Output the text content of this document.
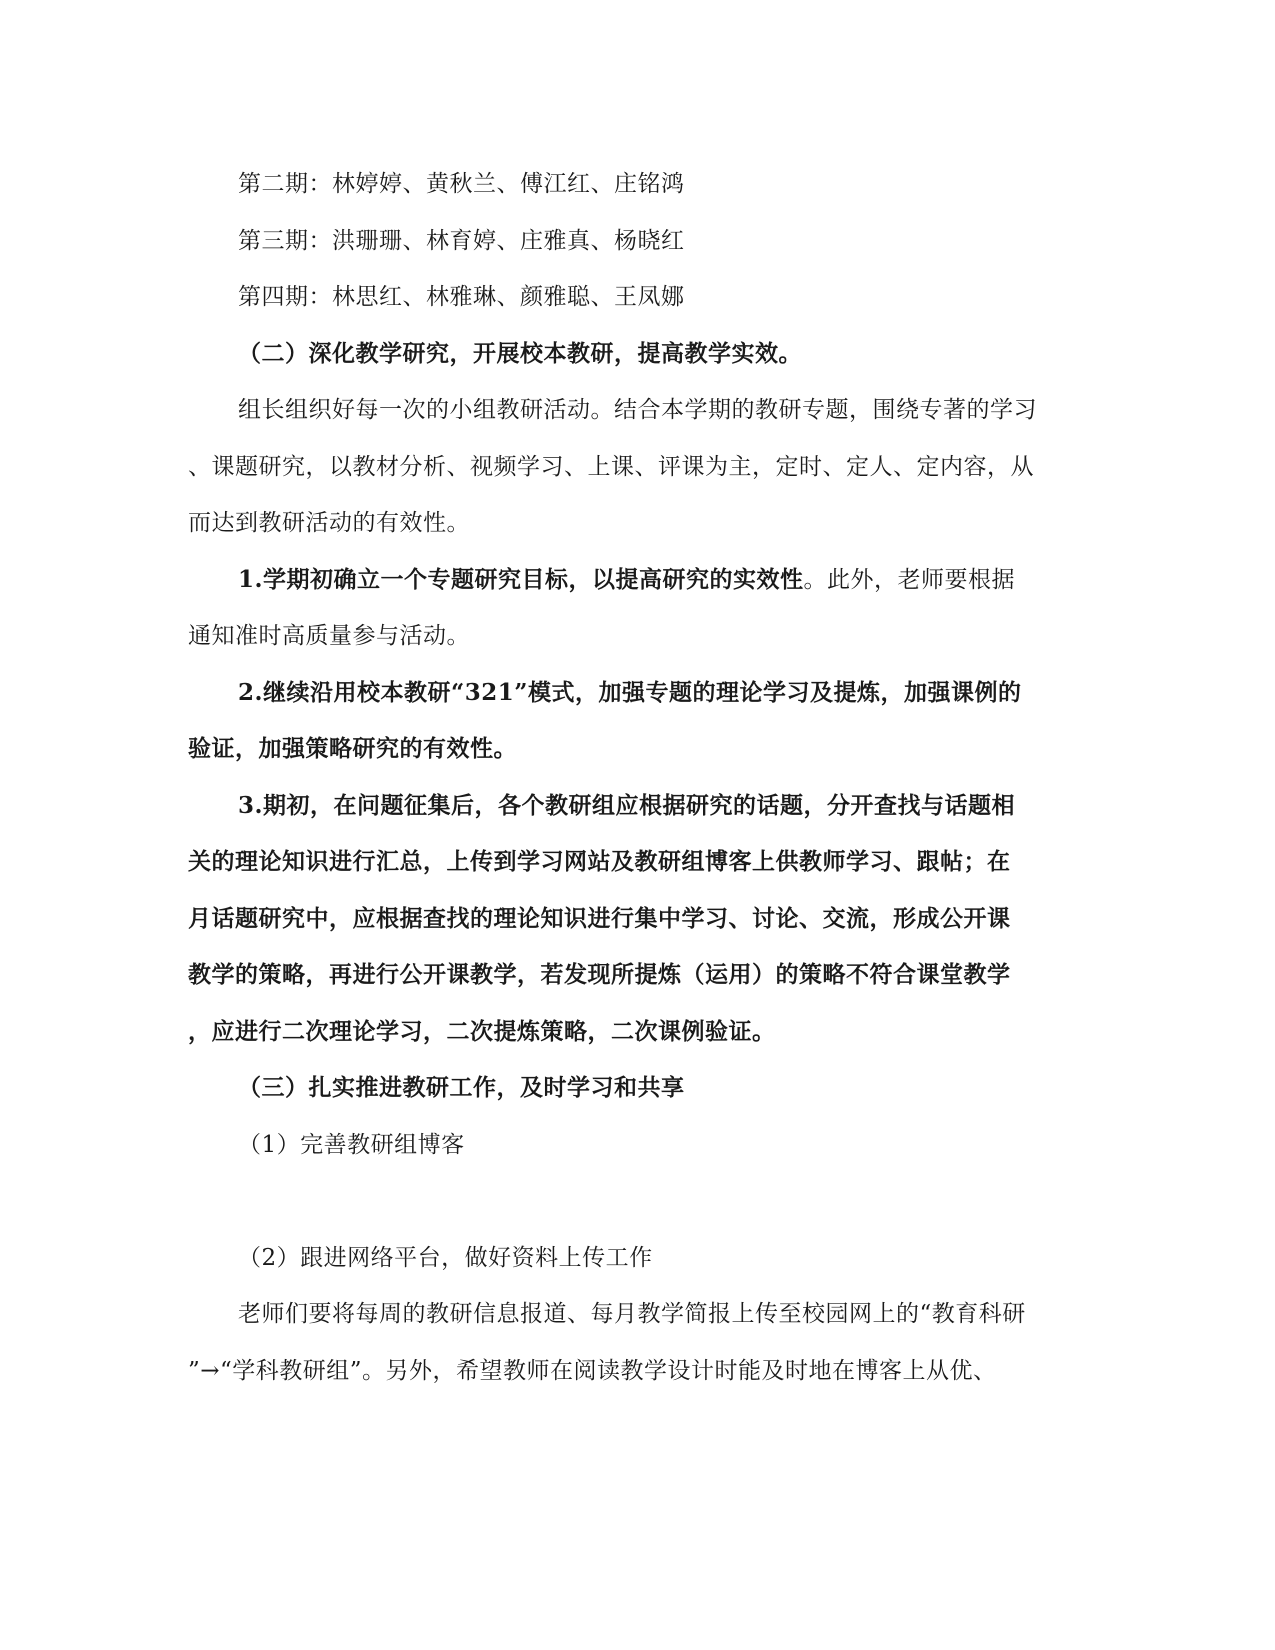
第二期：林婷婷、黄秋兰、傅江红、庄铭鸿
第三期：洪珊珊、林育婷、庄雅真、杨晓红
第四期：林思红、林雅琳、颜雅聪、王凤娜
（二）深化教学研究，开展校本教研，提高教学实效。
组长组织好每一次的小组教研活动。结合本学期的教研专题，围绕专著的学习
、课题研究，以教材分析、视频学习、上课、评课为主，定时、定人、定内容，从
而达到教研活动的有效性。
1.学期初确立一个专题研究目标，以提高研究的实效性。此外，老师要根据
通知准时高质量参与活动。
2.继续沿用校本教研“321”模式，加强专题的理论学习及提炼，加强课例的
验证，加强策略研究的有效性。
3.期初，在问题征集后，各个教研组应根据研究的话题，分开查找与话题相
关的理论知识进行汇总，上传到学习网站及教研组博客上供教师学习、跟帖；在
月话题研究中，应根据查找的理论知识进行集中学习、讨论、交流，形成公开课
教学的策略，再进行公开课教学，若发现所提炼（运用）的策略不符合课堂教学
，应进行二次理论学习，二次提炼策略，二次课例验证。
（三）扎实推进教研工作，及时学习和共享
（1）完善教研组博客
（2）跟进网络平台，做好资料上传工作
老师们要将每周的教研信息报道、每月教学简报上传至校园网上的“教育科研
”→“学科教研组”。另外，希望教师在阅读教学设计时能及时地在博客上从优、
